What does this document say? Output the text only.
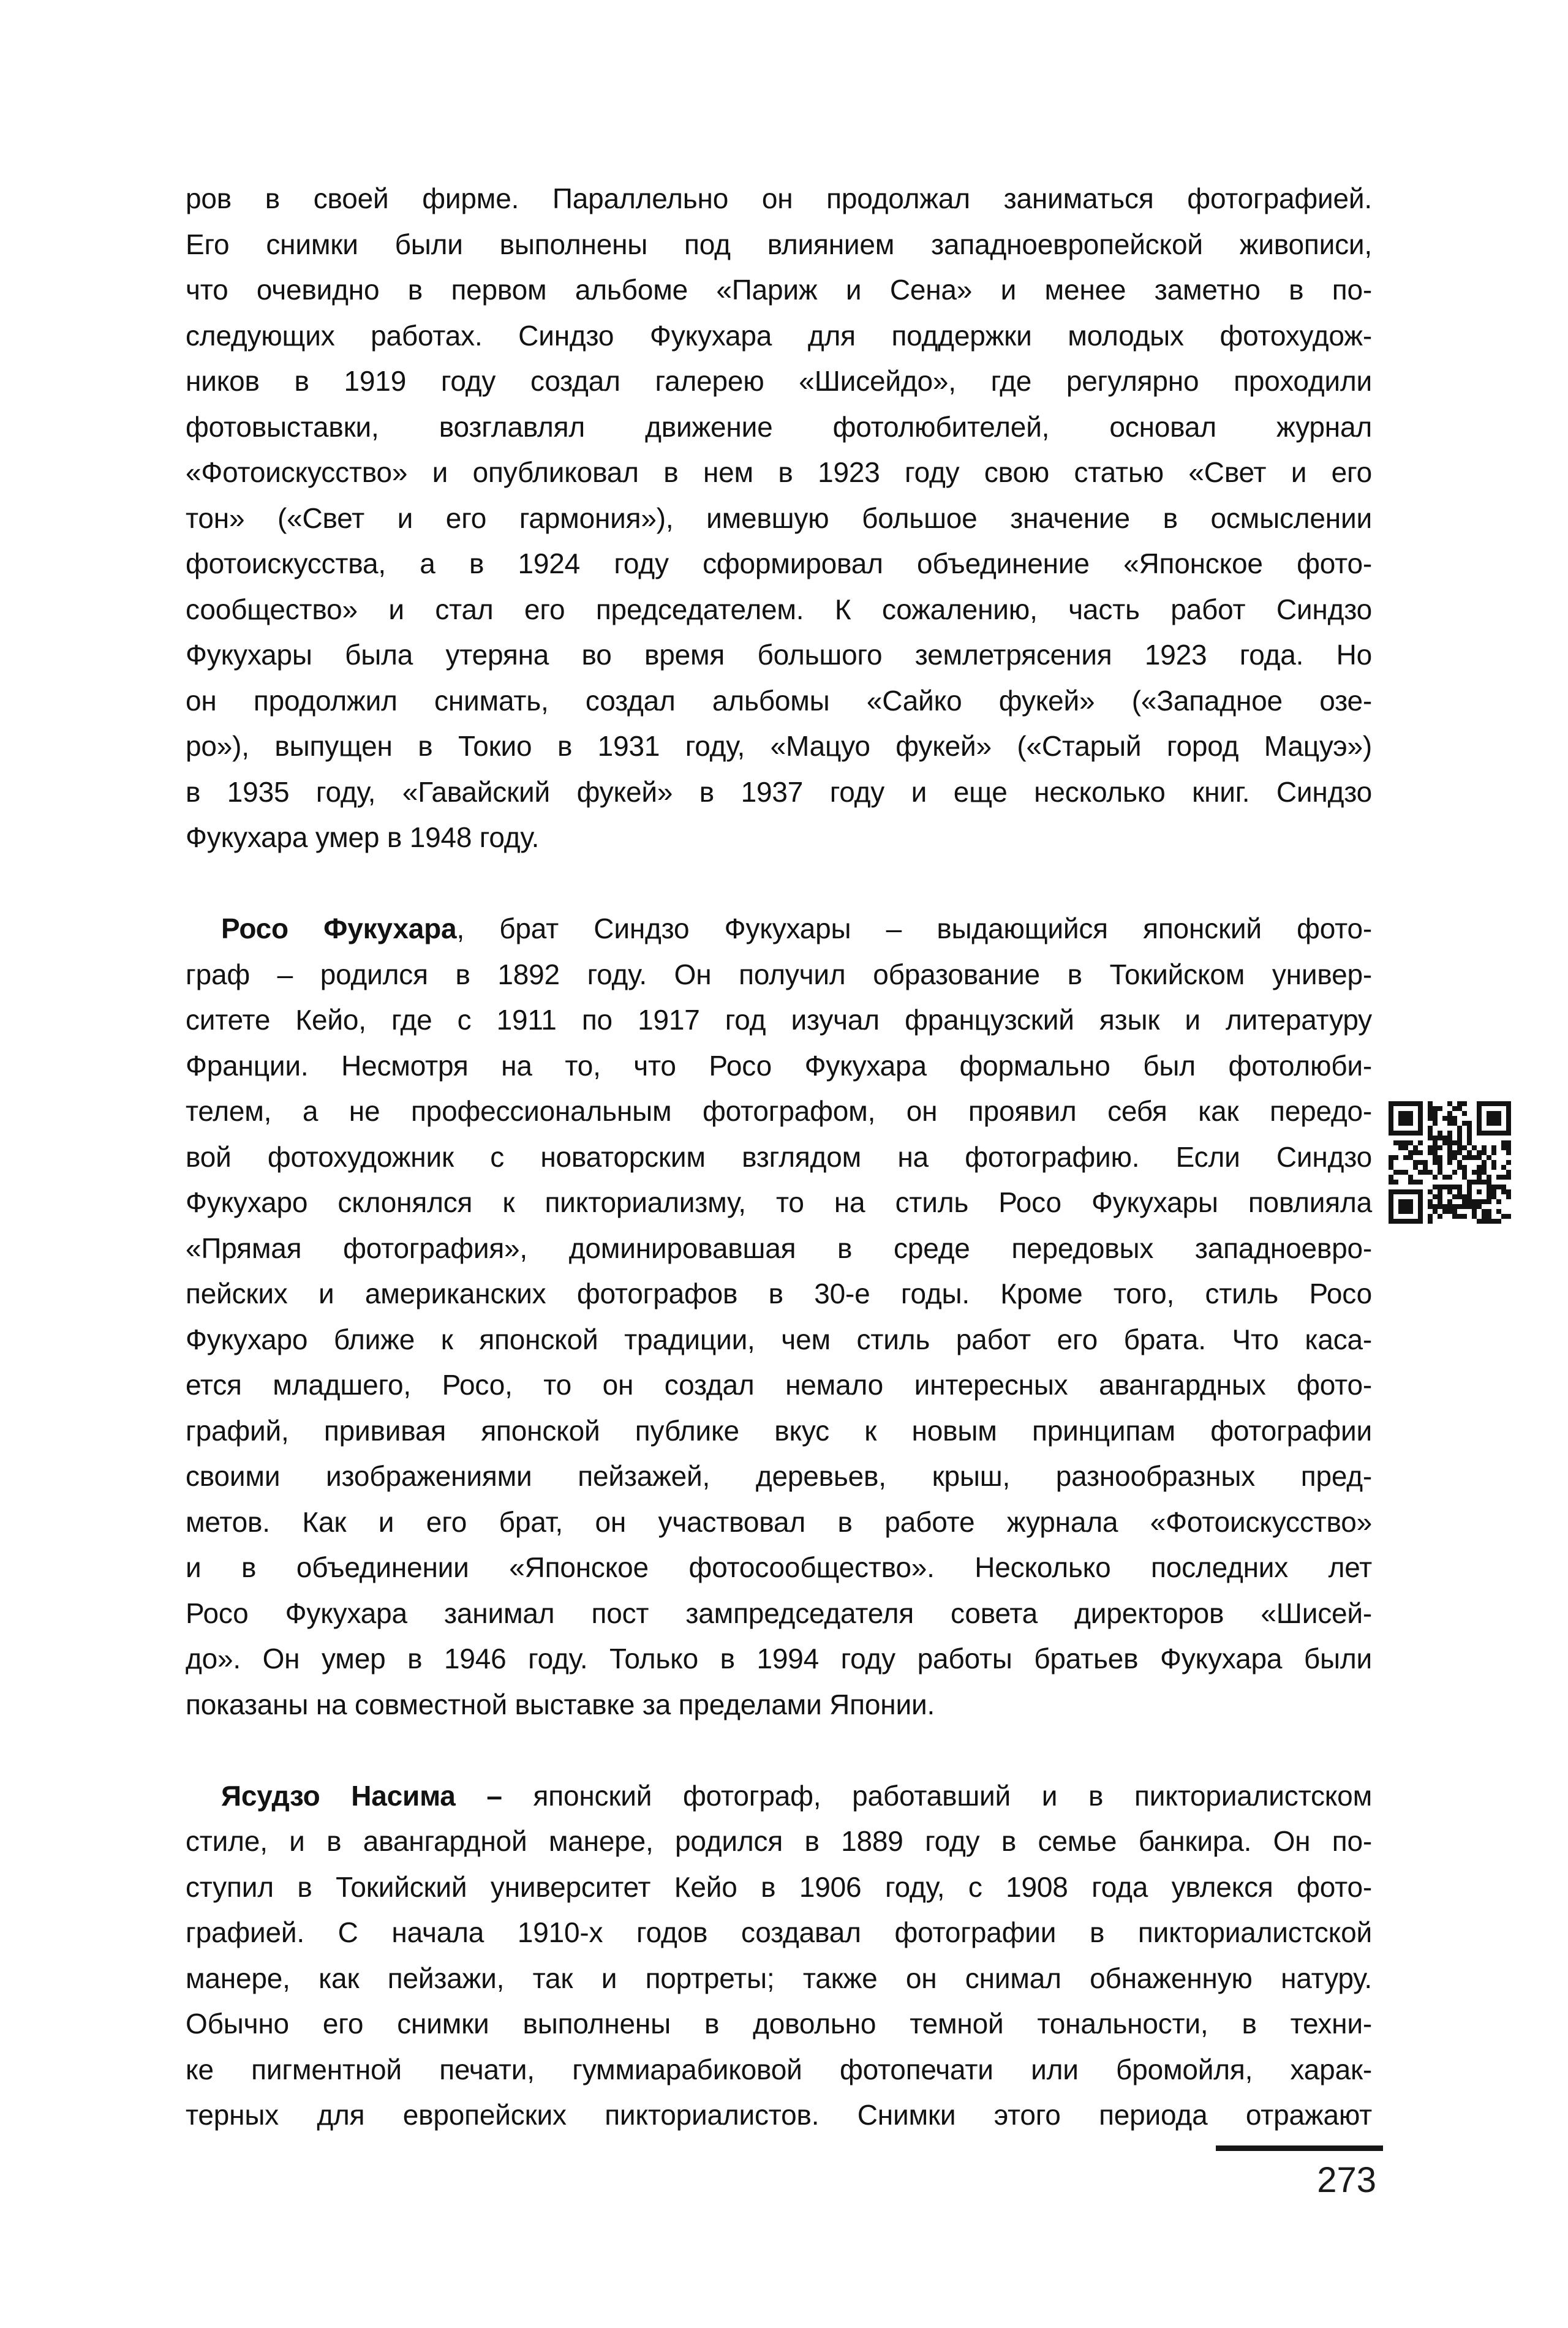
ров в своей фирме. Параллельно он продолжал заниматься фотографией.
Его снимки были выполнены под влиянием западноевропейской живописи,
что очевидно в первом альбоме «Париж и Сена» и менее заметно в по-
следующих работах. Синдзо Фукухара для поддержки молодых фотохудож-
ников в 1919 году создал галерею «Шисейдо», где регулярно проходили
фотовыставки, возглавлял движение фотолюбителей, основал журнал
«Фотоискусство» и опубликовал в нем в 1923 году свою статью «Свет и его
тон» («Свет и его гармония»), имевшую большое значение в осмыслении
фотоискусства, а в 1924 году сформировал объединение «Японское фото-
сообщество» и стал его председателем. К сожалению, часть работ Синдзо
Фукухары была утеряна во время большого землетрясения 1923 года. Но
он продолжил снимать, создал альбомы «Сайко фукей» («Западное озе-
ро»), выпущен в Токио в 1931 году, «Мацуо фукей» («Старый город Мацуэ»)
в 1935 году, «Гавайский фукей» в 1937 году и еще несколько книг. Синдзо
Фукухара умер в 1948 году.
Росо Фукухара, брат Синдзо Фукухары – выдающийся японский фото-
граф – родился в 1892 году. Он получил образование в Токийском универ-
ситете Кейо, где с 1911 по 1917 год изучал французский язык и литературу
Франции. Несмотря на то, что Росо Фукухара формально был фотолюби-
телем, а не профессиональным фотографом, он проявил себя как передо-
вой фотохудожник с новаторским взглядом на фотографию. Если Синдзо
Фукухаро склонялся к пикториализму, то на стиль Росо Фукухары повлияла
«Прямая фотография», доминировавшая в среде передовых западноевро-
пейских и американских фотографов в 30-е годы. Кроме того, стиль Росо
Фукухаро ближе к японской традиции, чем стиль работ его брата. Что каса-
ется младшего, Росо, то он создал немало интересных авангардных фото-
графий, прививая японской публике вкус к новым принципам фотографии
своими изображениями пейзажей, деревьев, крыш, разнообразных пред-
метов. Как и его брат, он участвовал в работе журнала «Фотоискусство»
и в объединении «Японское фотосообщество». Несколько последних лет
Росо Фукухара занимал пост зампредседателя совета директоров «Шисей-
до». Он умер в 1946 году. Только в 1994 году работы братьев Фукухара были
показаны на совместной выставке за пределами Японии.
Ясудзо Насима – японский фотограф, работавший и в пикториалистском
стиле, и в авангардной манере, родился в 1889 году в семье банкира. Он по-
ступил в Токийский университет Кейо в 1906 году, с 1908 года увлекся фото-
графией. С начала 1910-х годов создавал фотографии в пикториалистской
манере, как пейзажи, так и портреты; также он снимал обнаженную натуру.
Обычно его снимки выполнены в довольно темной тональности, в техни-
ке пигментной печати, гуммиарабиковой фотопечати или бромойля, харак-
терных для европейских пикториалистов. Снимки этого периода отражают
273
